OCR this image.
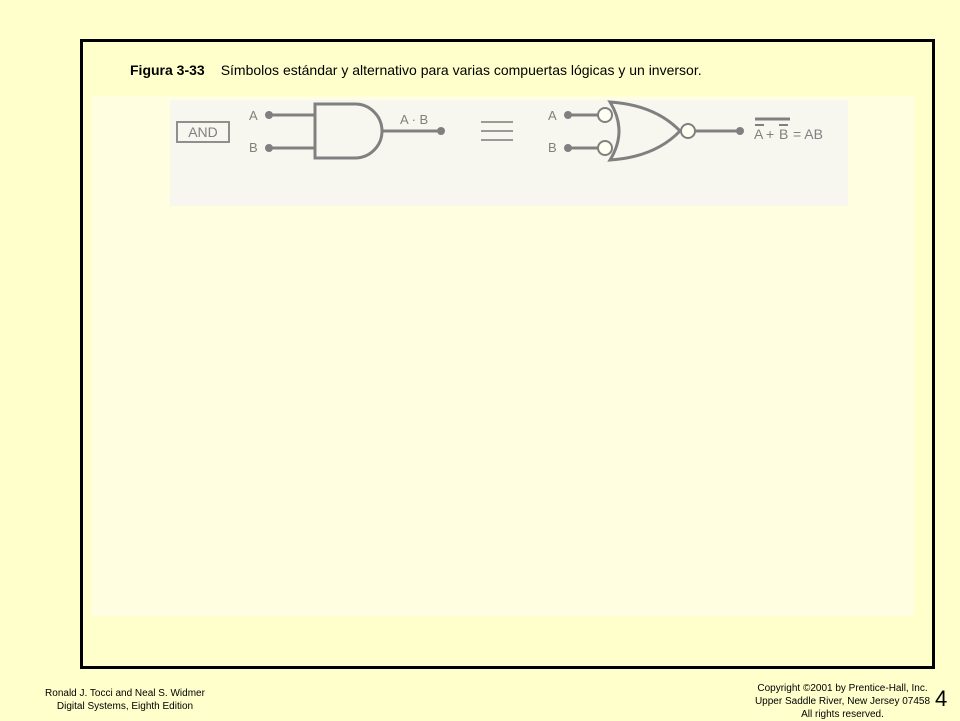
Figura 3-33 Símbolos estándar y alternativo para varias compuertas lógicas y un inversor.
AND
A
B
A · B	A
B
A + B = AB
Ronald J. Tocci and Neal S. Widmer
Digital Systems, Eighth Edition
Copyright ©2001 by Prentice-Hall, Inc.
Upper Saddle River, New Jersey 07458
All rights reserved.
4
